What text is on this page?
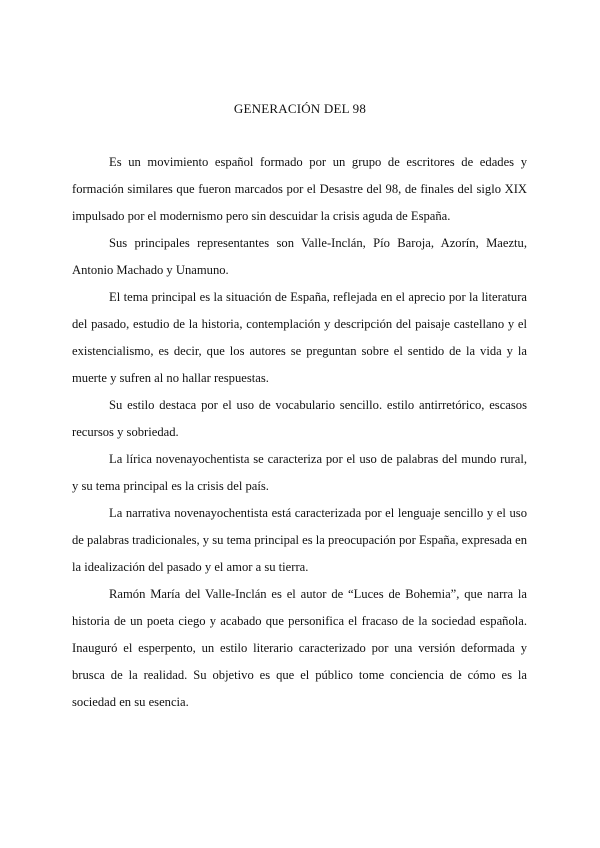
GENERACIÓN DEL 98

Es un movimiento español formado por un grupo de escritores de edades y formación similares que fueron marcados por el Desastre del 98, de finales del siglo XIX impulsado por el modernismo pero sin descuidar la crisis aguda de España.

Sus principales representantes son Valle-Inclán, Pío Baroja, Azorín, Maeztu, Antonio Machado y Unamuno.

El tema principal es la situación de España, reflejada en el aprecio por la literatura del pasado, estudio de la historia, contemplación y descripción del paisaje castellano y el existencialismo, es decir, que los autores se preguntan sobre el sentido de la vida y la muerte y sufren al no hallar respuestas.

Su estilo destaca por el uso de vocabulario sencillo. estilo antirretórico, escasos recursos y sobriedad.

La lírica novenayochentista se caracteriza por el uso de palabras del mundo rural, y su tema principal es la crisis del país.

La narrativa novenayochentista está caracterizada por el lenguaje sencillo y el uso de palabras tradicionales, y su tema principal es la preocupación por España, expresada en la idealización del pasado y el amor a su tierra.

Ramón María del Valle-Inclán es el autor de “Luces de Bohemia”, que narra la historia de un poeta ciego y acabado que personifica el fracaso de la sociedad española. Inauguró el esperpento, un estilo literario caracterizado por una versión deformada y brusca de la realidad. Su objetivo es que el público tome conciencia de cómo es la sociedad en su esencia.
